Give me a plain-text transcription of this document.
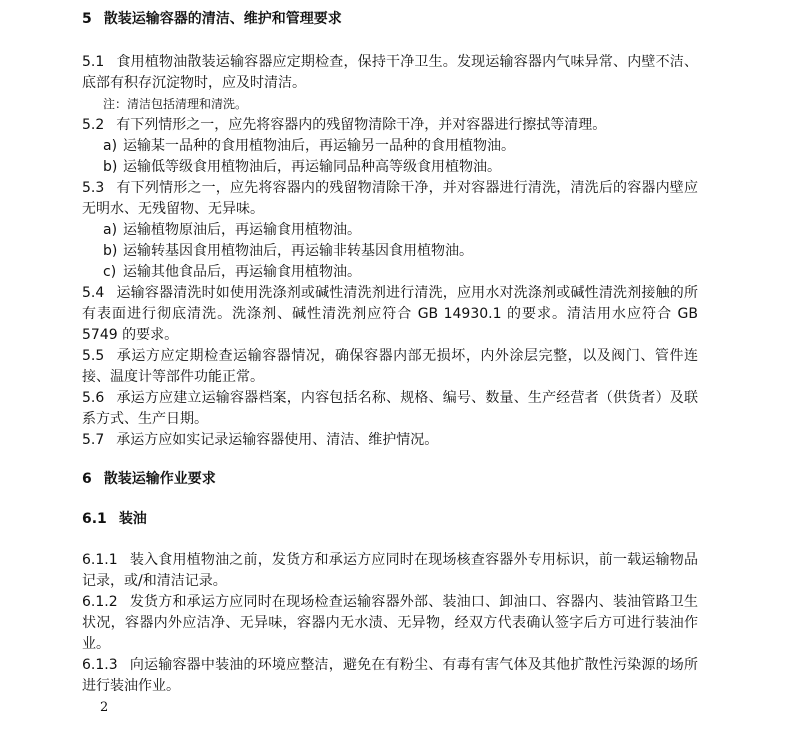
5 散装运输容器的清洁、维护和管理要求
5.1 食用植物油散装运输容器应定期检查，保持干净卫生。发现运输容器内气味异常、内壁不洁、底部有积存沉淀物时，应及时清洁。
注：清洁包括清理和清洗。
5.2 有下列情形之一，应先将容器内的残留物清除干净，并对容器进行擦拭等清理。
a) 运输某一品种的食用植物油后，再运输另一品种的食用植物油。
b) 运输低等级食用植物油后，再运输同品种高等级食用植物油。
5.3 有下列情形之一，应先将容器内的残留物清除干净，并对容器进行清洗，清洗后的容器内壁应无明水、无残留物、无异味。
a) 运输植物原油后，再运输食用植物油。
b) 运输转基因食用植物油后，再运输非转基因食用植物油。
c) 运输其他食品后，再运输食用植物油。
5.4 运输容器清洗时如使用洗涤剂或碱性清洗剂进行清洗，应用水对洗涤剂或碱性清洗剂接触的所有表面进行彻底清洗。洗涤剂、碱性清洗剂应符合 GB 14930.1 的要求。清洁用水应符合 GB 5749 的要求。
5.5 承运方应定期检查运输容器情况，确保容器内部无损坏，内外涂层完整，以及阀门、管件连接、温度计等部件功能正常。
5.6 承运方应建立运输容器档案，内容包括名称、规格、编号、数量、生产经营者（供货者）及联系方式、生产日期。
5.7 承运方应如实记录运输容器使用、清洁、维护情况。
6 散装运输作业要求
6.1 装油
6.1.1 装入食用植物油之前，发货方和承运方应同时在现场核查容器外专用标识，前一载运输物品记录，或/和清洁记录。
6.1.2 发货方和承运方应同时在现场检查运输容器外部、装油口、卸油口、容器内、装油管路卫生状况，容器内外应洁净、无异味，容器内无水渍、无异物，经双方代表确认签字后方可进行装油作业。
6.1.3 向运输容器中装油的环境应整洁，避免在有粉尘、有毒有害气体及其他扩散性污染源的场所进行装油作业。
2
